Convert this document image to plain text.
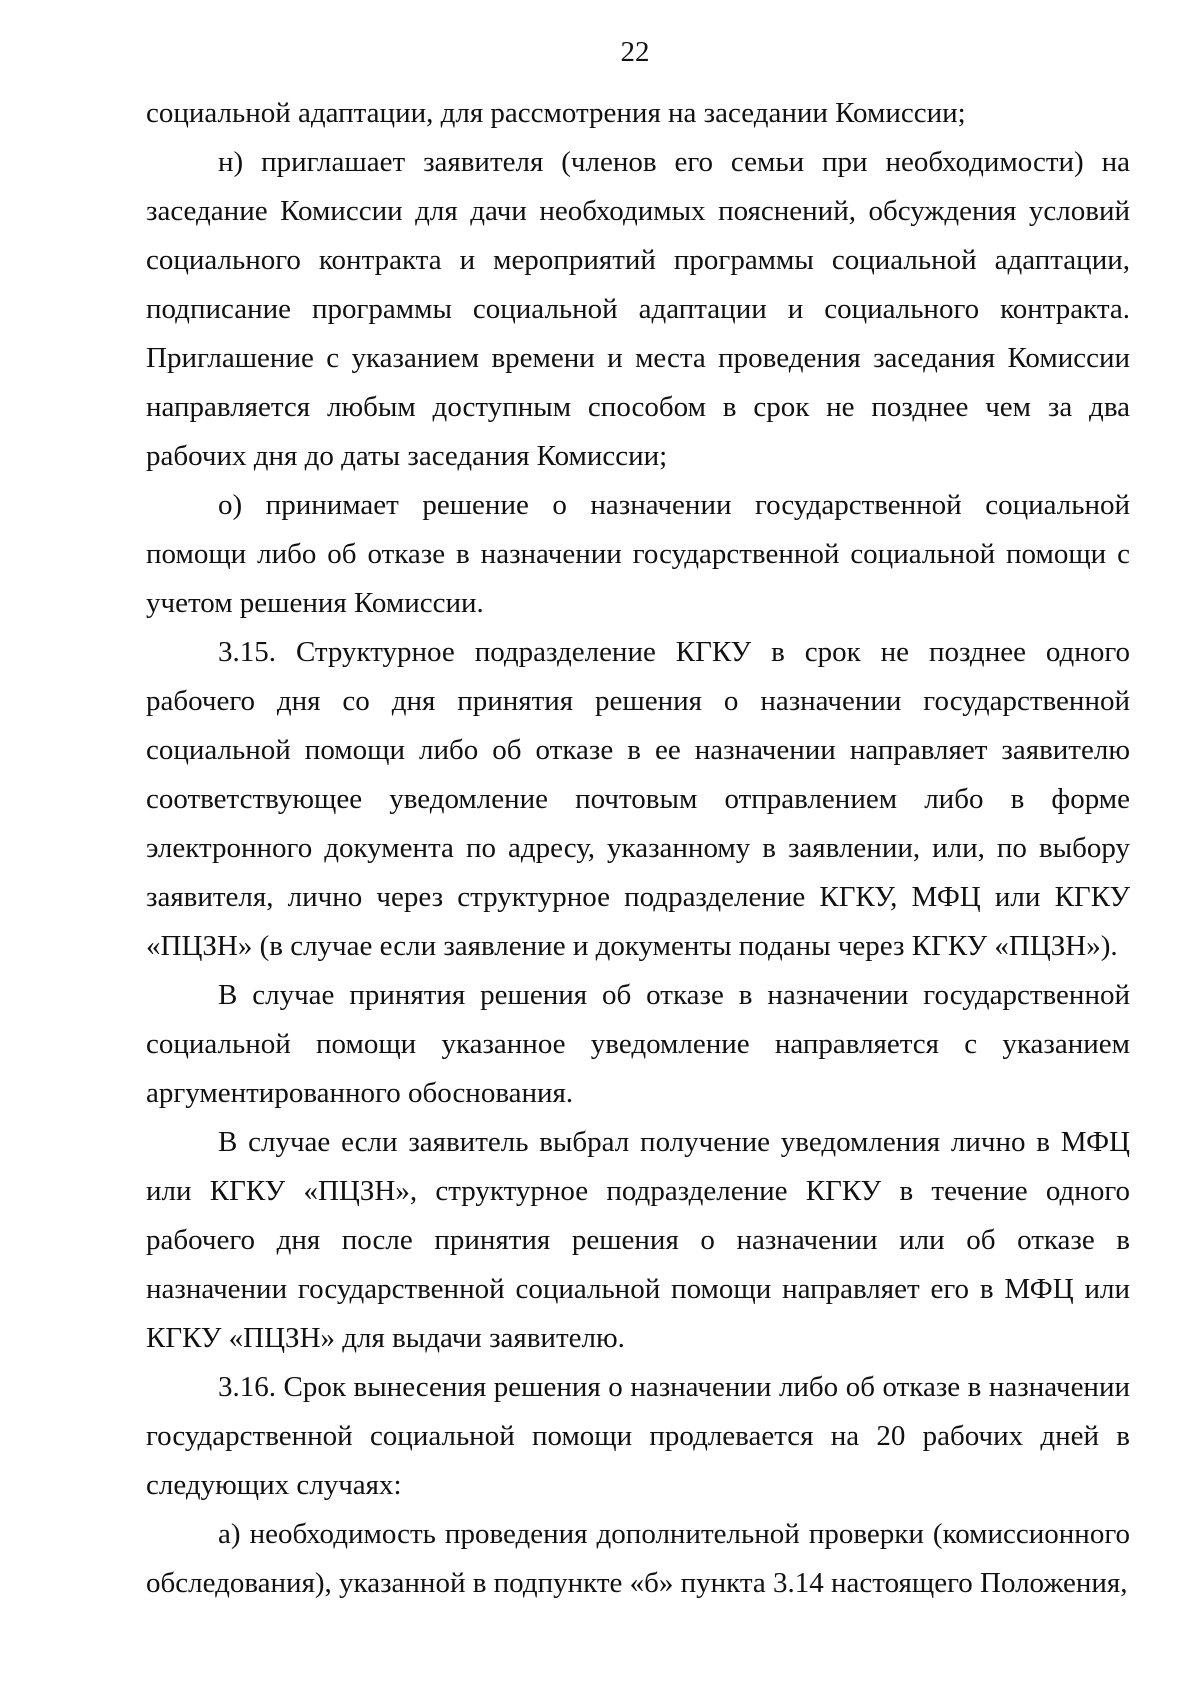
22

социальной адаптации, для рассмотрения на заседании Комиссии;

н) приглашает заявителя (членов его семьи при необходимости) на заседание Комиссии для дачи необходимых пояснений, обсуждения условий социального контракта и мероприятий программы социальной адаптации, подписание программы социальной адаптации и социального контракта. Приглашение с указанием времени и места проведения заседания Комиссии направляется любым доступным способом в срок не позднее чем за два рабочих дня до даты заседания Комиссии;

о) принимает решение о назначении государственной социальной помощи либо об отказе в назначении государственной социальной помощи с учетом решения Комиссии.

3.15. Структурное подразделение КГКУ в срок не позднее одного рабочего дня со дня принятия решения о назначении государственной социальной помощи либо об отказе в ее назначении направляет заявителю соответствующее уведомление почтовым отправлением либо в форме электронного документа по адресу, указанному в заявлении, или, по выбору заявителя, лично через структурное подразделение КГКУ, МФЦ или КГКУ «ПЦЗН» (в случае если заявление и документы поданы через КГКУ «ПЦЗН»).

В случае принятия решения об отказе в назначении государственной социальной помощи указанное уведомление направляется с указанием аргументированного обоснования.

В случае если заявитель выбрал получение уведомления лично в МФЦ или КГКУ «ПЦЗН», структурное подразделение КГКУ в течение одного рабочего дня после принятия решения о назначении или об отказе в назначении государственной социальной помощи направляет его в МФЦ или КГКУ «ПЦЗН» для выдачи заявителю.

3.16. Срок вынесения решения о назначении либо об отказе в назначении государственной социальной помощи продлевается на 20 рабочих дней в следующих случаях:

а) необходимость проведения дополнительной проверки (комиссионного обследования), указанной в подпункте «б» пункта 3.14 настоящего Положения,
